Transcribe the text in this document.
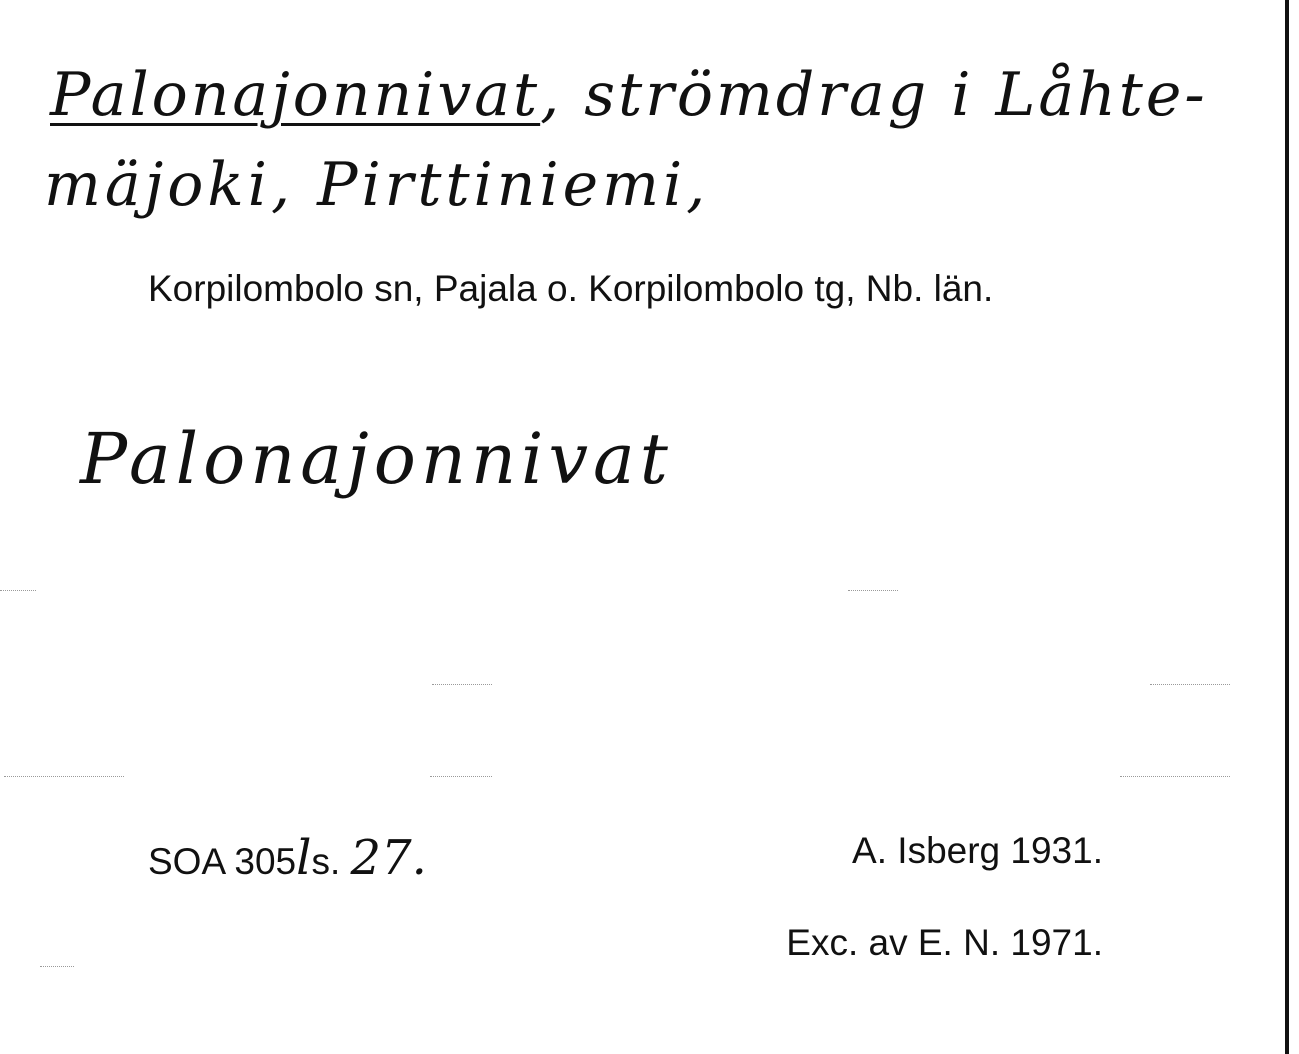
Palonajonnivat, strömdrag i Låhte-
mäjoki, Pirttiniemi,
Korpilombolo sn, Pajala o. Korpilombolo tg, Nb. län.
Palonajonnivat
SOA 305ls. 27.	A. Isberg 1931.
Exc. av E. N. 1971.
